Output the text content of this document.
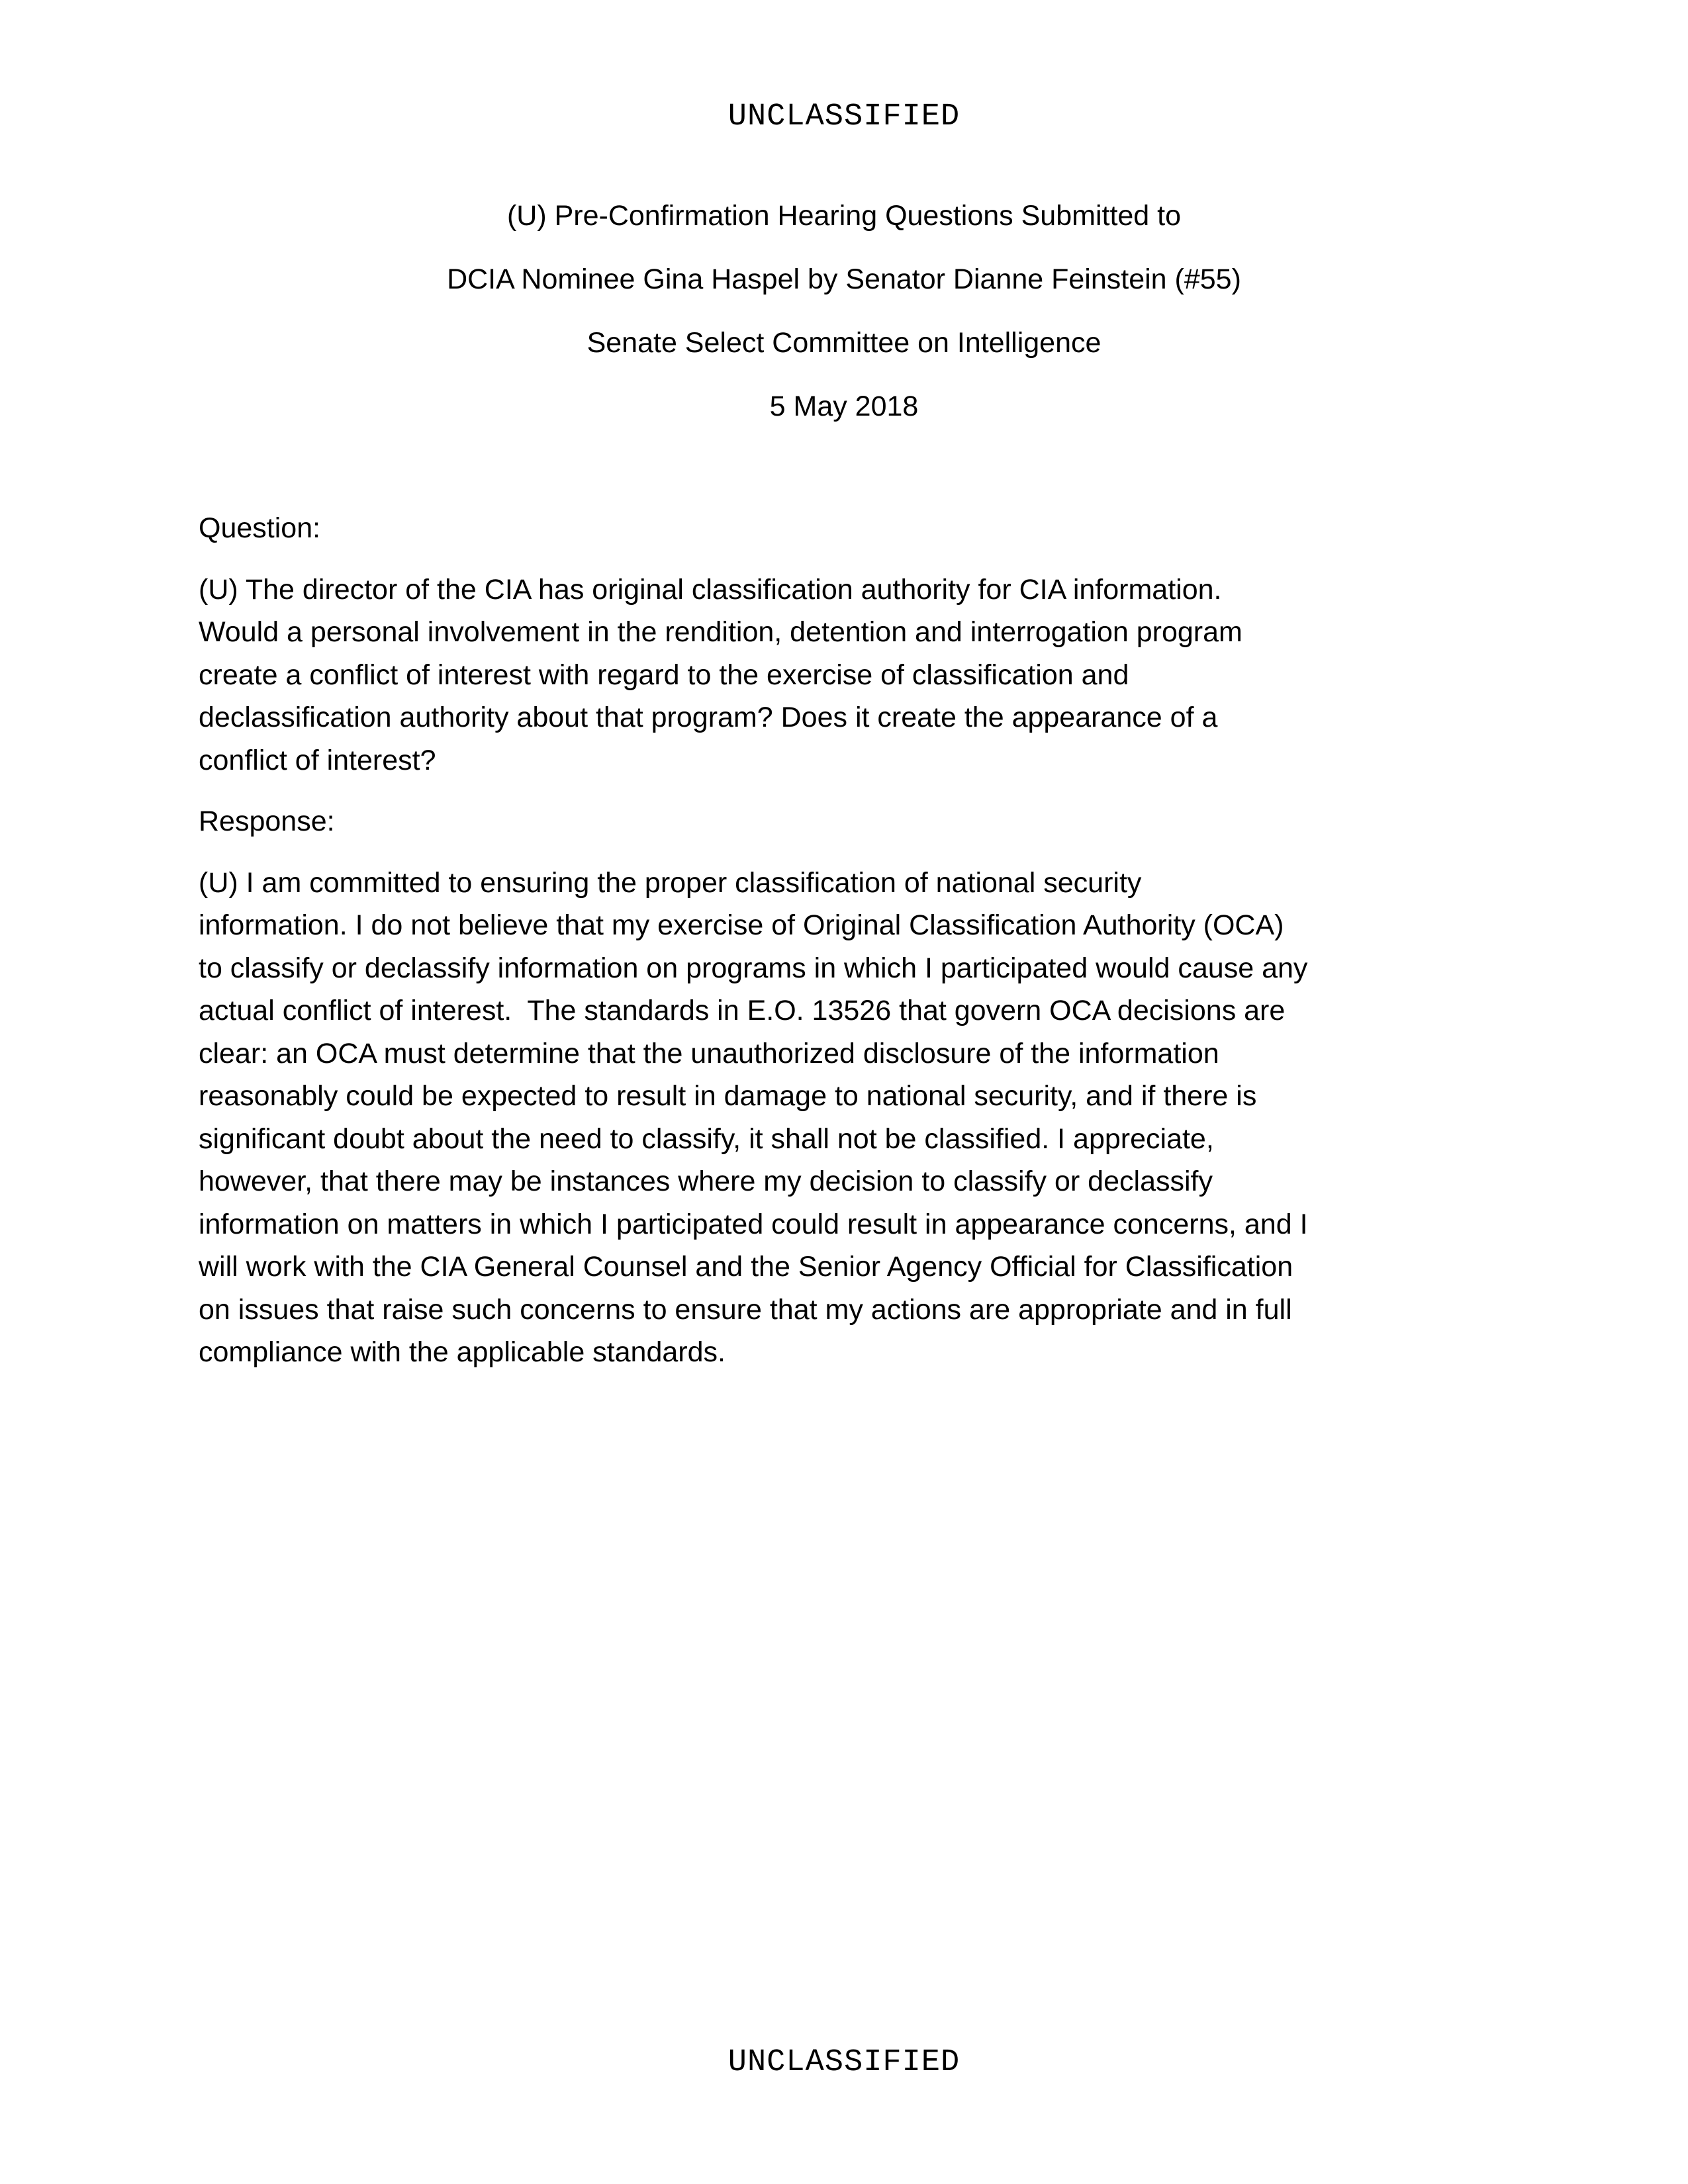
UNCLASSIFIED
(U) Pre-Confirmation Hearing Questions Submitted to
DCIA Nominee Gina Haspel by Senator Dianne Feinstein (#55)
Senate Select Committee on Intelligence
5 May 2018
Question:
(U) The director of the CIA has original classification authority for CIA information.
Would a personal involvement in the rendition, detention and interrogation program
create a conflict of interest with regard to the exercise of classification and
declassification authority about that program? Does it create the appearance of a
conflict of interest?
Response:
(U) I am committed to ensuring the proper classification of national security
information. I do not believe that my exercise of Original Classification Authority (OCA)
to classify or declassify information on programs in which I participated would cause any
actual conflict of interest.  The standards in E.O. 13526 that govern OCA decisions are
clear: an OCA must determine that the unauthorized disclosure of the information
reasonably could be expected to result in damage to national security, and if there is
significant doubt about the need to classify, it shall not be classified. I appreciate,
however, that there may be instances where my decision to classify or declassify
information on matters in which I participated could result in appearance concerns, and I
will work with the CIA General Counsel and the Senior Agency Official for Classification
on issues that raise such concerns to ensure that my actions are appropriate and in full
compliance with the applicable standards.
UNCLASSIFIED
